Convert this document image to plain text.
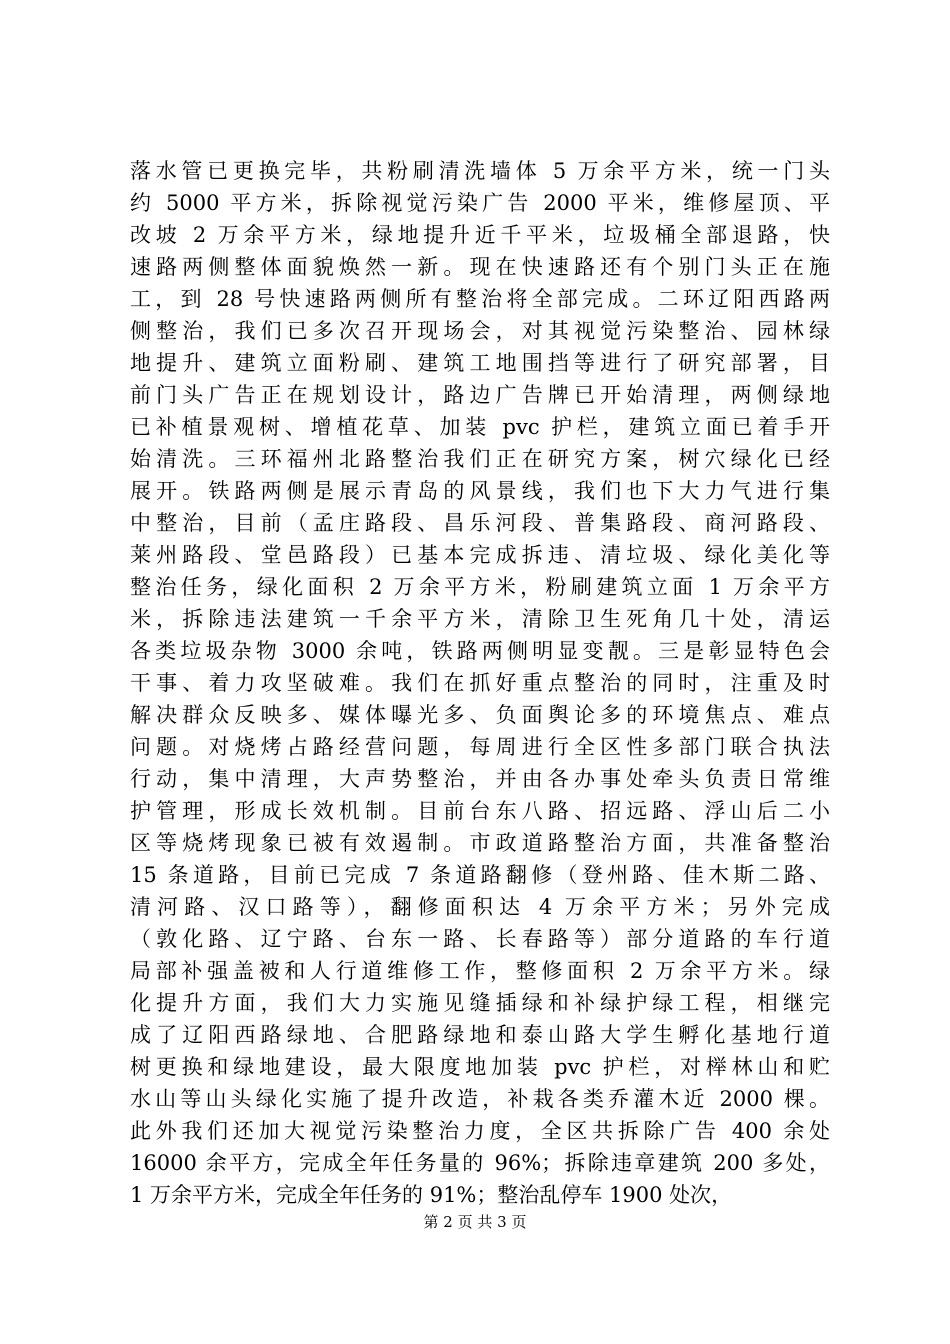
落水管已更换完毕，共粉刷清洗墙体 5 万余平方米，统一门头
约 5000 平方米，拆除视觉污染广告 2000 平米，维修屋顶、平
改坡 2 万余平方米，绿地提升近千平米，垃圾桶全部退路，快
速路两侧整体面貌焕然一新。现在快速路还有个别门头正在施
工，到 28 号快速路两侧所有整治将全部完成。二环辽阳西路两
侧整治，我们已多次召开现场会，对其视觉污染整治、园林绿
地提升、建筑立面粉刷、建筑工地围挡等进行了研究部署，目
前门头广告正在规划设计，路边广告牌已开始清理，两侧绿地
已补植景观树、增植花草、加装 pvc 护栏，建筑立面已着手开
始清洗。三环福州北路整治我们正在研究方案，树穴绿化已经
展开。铁路两侧是展示青岛的风景线，我们也下大力气进行集
中整治，目前（孟庄路段、昌乐河段、普集路段、商河路段、
莱州路段、堂邑路段）已基本完成拆违、清垃圾、绿化美化等
整治任务，绿化面积 2 万余平方米，粉刷建筑立面 1 万余平方
米，拆除违法建筑一千余平方米，清除卫生死角几十处，清运
各类垃圾杂物 3000 余吨，铁路两侧明显变靓。三是彰显特色会
干事、着力攻坚破难。我们在抓好重点整治的同时，注重及时
解决群众反映多、媒体曝光多、负面舆论多的环境焦点、难点
问题。对烧烤占路经营问题，每周进行全区性多部门联合执法
行动，集中清理，大声势整治，并由各办事处牵头负责日常维
护管理，形成长效机制。目前台东八路、招远路、浮山后二小
区等烧烤现象已被有效遏制。市政道路整治方面，共准备整治
15 条道路，目前已完成 7 条道路翻修（登州路、佳木斯二路、
清河路、汉口路等），翻修面积达 4 万余平方米；另外完成
（敦化路、辽宁路、台东一路、长春路等）部分道路的车行道
局部补强盖被和人行道维修工作，整修面积 2 万余平方米。绿
化提升方面，我们大力实施见缝插绿和补绿护绿工程，相继完
成了辽阳西路绿地、合肥路绿地和泰山路大学生孵化基地行道
树更换和绿地建设，最大限度地加装 pvc 护栏，对榉林山和贮
水山等山头绿化实施了提升改造，补栽各类乔灌木近 2000 棵。
此外我们还加大视觉污染整治力度，全区共拆除广告 400 余处
16000 余平方，完成全年任务量的 96%；拆除违章建筑 200 多处，
1 万余平方米，完成全年任务的 91%；整治乱停车 1900 处次，
第 2 页 共 3 页
